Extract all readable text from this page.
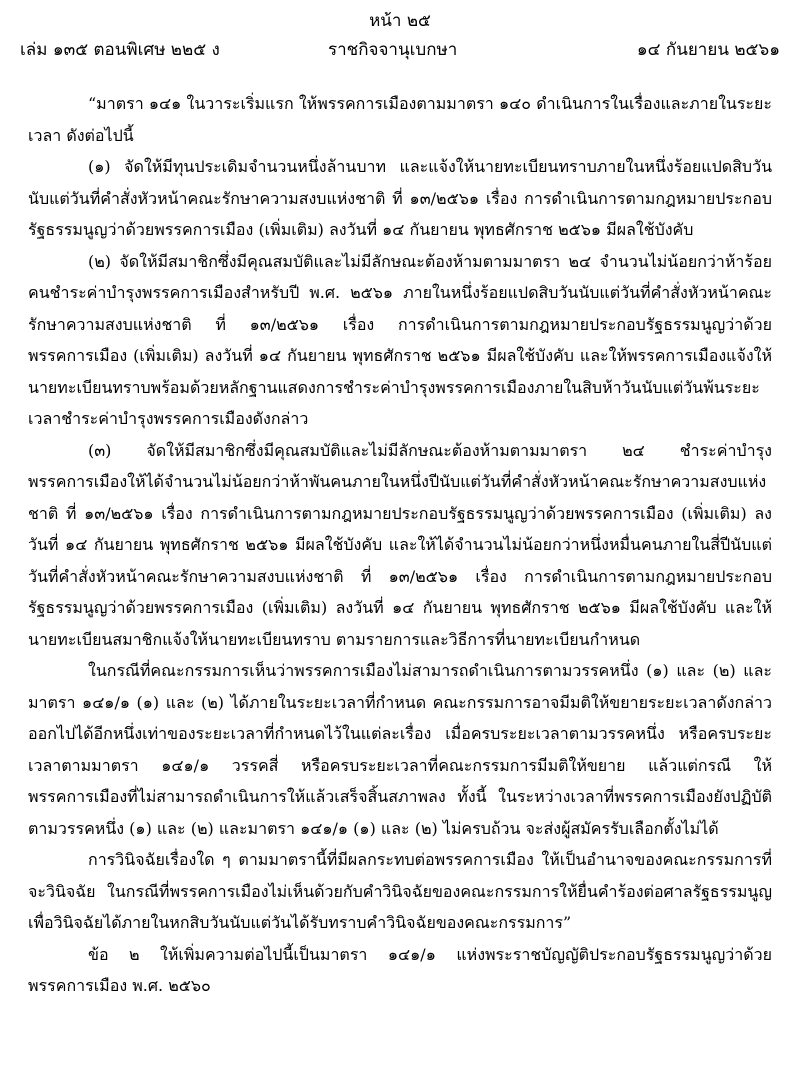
หน้า ๒๕
เล่ม ๑๓๕ ตอนพิเศษ ๒๒๕ ง	ราชกิจจานุเบกษา	๑๔ กันยายน ๒๕๖๑

“มาตรา ๑๔๑ ในวาระเริ่มแรก ให้พรรคการเมืองตามมาตรา ๑๔๐ ดำเนินการในเรื่องและภายในระยะเวลา ดังต่อไปนี้

(๑) จัดให้มีทุนประเดิมจำนวนหนึ่งล้านบาท และแจ้งให้นายทะเบียนทราบภายในหนึ่งร้อยแปดสิบวันนับแต่วันที่คำสั่งหัวหน้าคณะรักษาความสงบแห่งชาติ ที่ ๑๓/๒๕๖๑ เรื่อง การดำเนินการตามกฎหมายประกอบรัฐธรรมนูญว่าด้วยพรรคการเมือง (เพิ่มเติม) ลงวันที่ ๑๔ กันยายน พุทธศักราช ๒๕๖๑ มีผลใช้บังคับ

(๒) จัดให้มีสมาชิกซึ่งมีคุณสมบัติและไม่มีลักษณะต้องห้ามตามมาตรา ๒๔ จำนวนไม่น้อยกว่าห้าร้อยคนชำระค่าบำรุงพรรคการเมืองสำหรับปี พ.ศ. ๒๕๖๑ ภายในหนึ่งร้อยแปดสิบวันนับแต่วันที่คำสั่งหัวหน้าคณะรักษาความสงบแห่งชาติ ที่ ๑๓/๒๕๖๑ เรื่อง การดำเนินการตามกฎหมายประกอบรัฐธรรมนูญว่าด้วยพรรคการเมือง (เพิ่มเติม) ลงวันที่ ๑๔ กันยายน พุทธศักราช ๒๕๖๑ มีผลใช้บังคับ และให้พรรคการเมืองแจ้งให้นายทะเบียนทราบพร้อมด้วยหลักฐานแสดงการชำระค่าบำรุงพรรคการเมืองภายในสิบห้าวันนับแต่วันพ้นระยะเวลาชำระค่าบำรุงพรรคการเมืองดังกล่าว

(๓) จัดให้มีสมาชิกซึ่งมีคุณสมบัติและไม่มีลักษณะต้องห้ามตามมาตรา ๒๔ ชำระค่าบำรุงพรรคการเมืองให้ได้จำนวนไม่น้อยกว่าห้าพันคนภายในหนึ่งปีนับแต่วันที่คำสั่งหัวหน้าคณะรักษาความสงบแห่งชาติ ที่ ๑๓/๒๕๖๑ เรื่อง การดำเนินการตามกฎหมายประกอบรัฐธรรมนูญว่าด้วยพรรคการเมือง (เพิ่มเติม) ลงวันที่ ๑๔ กันยายน พุทธศักราช ๒๕๖๑ มีผลใช้บังคับ และให้ได้จำนวนไม่น้อยกว่าหนึ่งหมื่นคนภายในสี่ปีนับแต่วันที่คำสั่งหัวหน้าคณะรักษาความสงบแห่งชาติ ที่ ๑๓/๒๕๖๑ เรื่อง การดำเนินการตามกฎหมายประกอบรัฐธรรมนูญว่าด้วยพรรคการเมือง (เพิ่มเติม) ลงวันที่ ๑๔ กันยายน พุทธศักราช ๒๕๖๑ มีผลใช้บังคับ และให้นายทะเบียนสมาชิกแจ้งให้นายทะเบียนทราบ ตามรายการและวิธีการที่นายทะเบียนกำหนด

ในกรณีที่คณะกรรมการเห็นว่าพรรคการเมืองไม่สามารถดำเนินการตามวรรคหนึ่ง (๑) และ (๒) และมาตรา ๑๔๑/๑ (๑) และ (๒) ได้ภายในระยะเวลาที่กำหนด คณะกรรมการอาจมีมติให้ขยายระยะเวลาดังกล่าวออกไปได้อีกหนึ่งเท่าของระยะเวลาที่กำหนดไว้ในแต่ละเรื่อง เมื่อครบระยะเวลาตามวรรคหนึ่ง หรือครบระยะเวลาตามมาตรา ๑๔๑/๑ วรรคสี่ หรือครบระยะเวลาที่คณะกรรมการมีมติให้ขยาย แล้วแต่กรณี ให้พรรคการเมืองที่ไม่สามารถดำเนินการให้แล้วเสร็จสิ้นสภาพลง ทั้งนี้ ในระหว่างเวลาที่พรรคการเมืองยังปฏิบัติตามวรรคหนึ่ง (๑) และ (๒) และมาตรา ๑๔๑/๑ (๑) และ (๒) ไม่ครบถ้วน จะส่งผู้สมัครรับเลือกตั้งไม่ได้

การวินิจฉัยเรื่องใด ๆ ตามมาตรานี้ที่มีผลกระทบต่อพรรคการเมือง ให้เป็นอำนาจของคณะกรรมการที่จะวินิจฉัย ในกรณีที่พรรคการเมืองไม่เห็นด้วยกับคำวินิจฉัยของคณะกรรมการให้ยื่นคำร้องต่อศาลรัฐธรรมนูญเพื่อวินิจฉัยได้ภายในหกสิบวันนับแต่วันได้รับทราบคำวินิจฉัยของคณะกรรมการ”

ข้อ ๒ ให้เพิ่มความต่อไปนี้เป็นมาตรา ๑๔๑/๑ แห่งพระราชบัญญัติประกอบรัฐธรรมนูญว่าด้วยพรรคการเมือง พ.ศ. ๒๕๖๐
